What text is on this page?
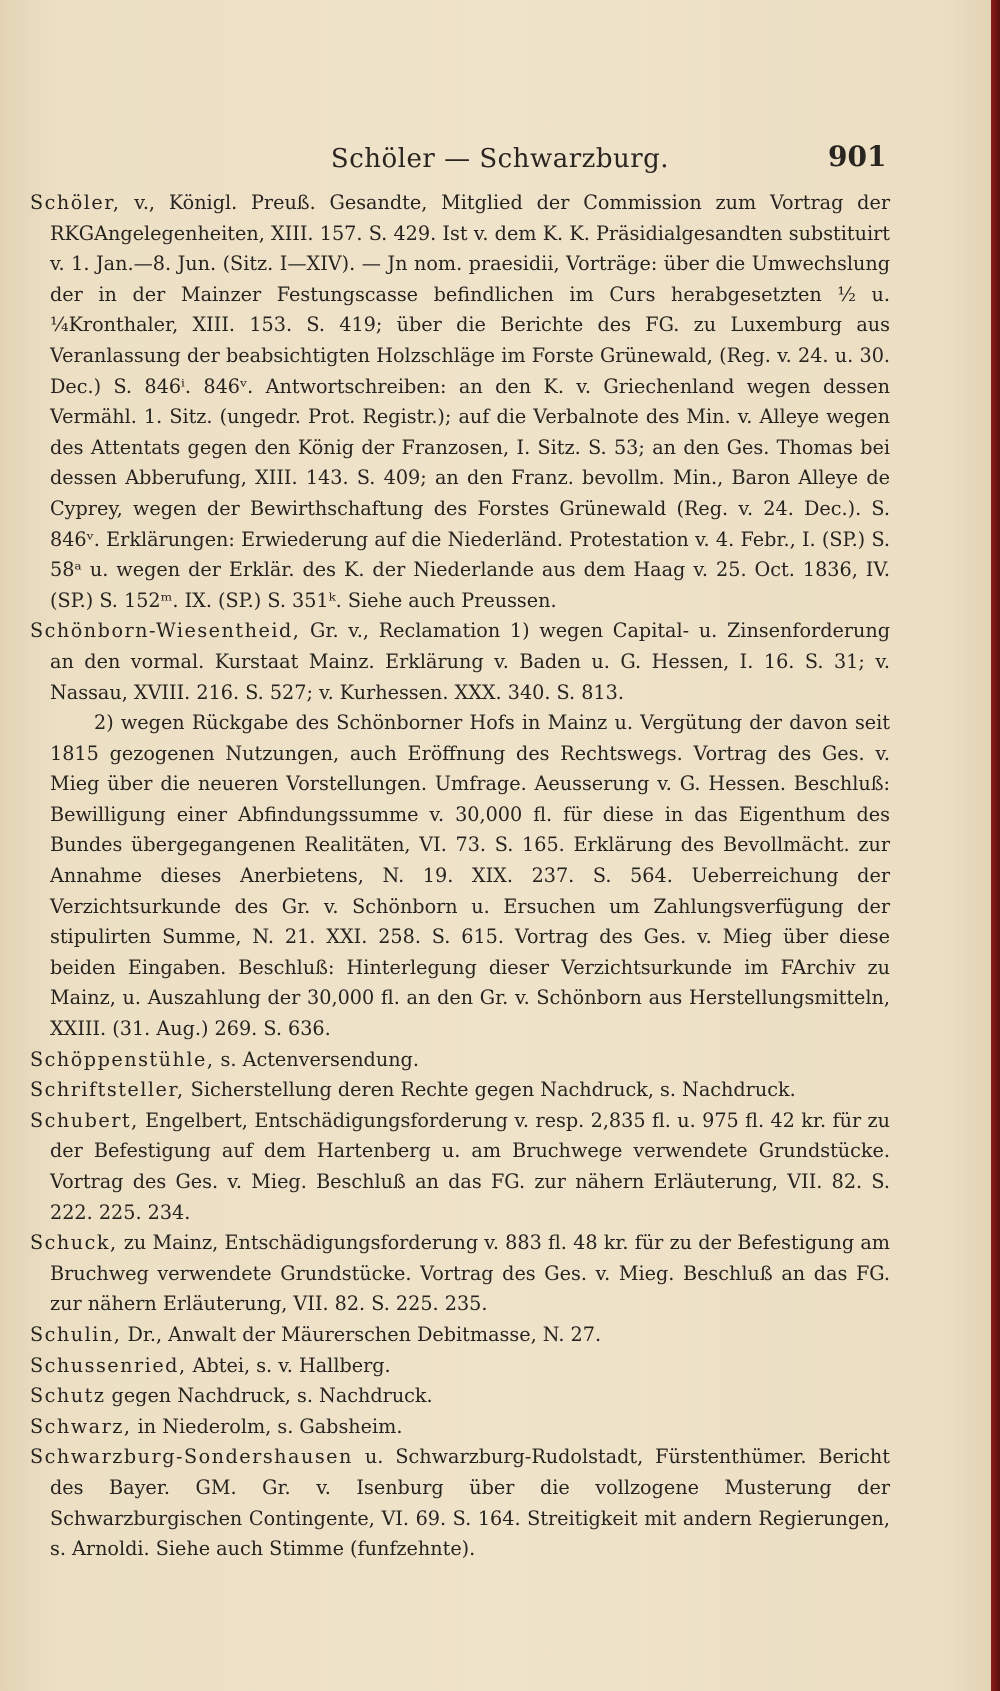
Schöler — Schwarzburg.	901

Schöler, v., Königl. Preuß. Gesandte, Mitglied der Commission zum Vortrag der RKGAngelegenheiten, XIII. 157. S. 429. Ist v. dem K. K. Präsidialgesandten substituirt v. 1. Jan.—8. Jun. (Sitz. I—XIV). — Jn nom. praesidii, Vorträge: über die Umwechslung der in der Mainzer Festungscasse befindlichen im Curs herabgesetzten ½ u. ¼Kronthaler, XIII. 153. S. 419; über die Berichte des FG. zu Luxemburg aus Veranlassung der beabsichtigten Holzschläge im Forste Grünewald, (Reg. v. 24. u. 30. Dec.) S. 846ⁱ. 846ᵛ. Antwortschreiben: an den K. v. Griechenland wegen dessen Vermähl. 1. Sitz. (ungedr. Prot. Registr.); auf die Verbalnote des Min. v. Alleye wegen des Attentats gegen den König der Franzosen, I. Sitz. S. 53; an den Ges. Thomas bei dessen Abberufung, XIII. 143. S. 409; an den Franz. bevollm. Min., Baron Alleye de Cyprey, wegen der Bewirthschaftung des Forstes Grünewald (Reg. v. 24. Dec.). S. 846ᵛ. Erklärungen: Erwiederung auf die Niederländ. Protestation v. 4. Febr., I. (SP.) S. 58ᵃ u. wegen der Erklär. des K. der Niederlande aus dem Haag v. 25. Oct. 1836, IV. (SP.) S. 152ᵐ. IX. (SP.) S. 351ᵏ. Siehe auch Preussen.

Schönborn-Wiesentheid, Gr. v., Reclamation 1) wegen Capital- u. Zinsenforderung an den vormal. Kurstaat Mainz. Erklärung v. Baden u. G. Hessen, I. 16. S. 31; v. Nassau, XVIII. 216. S. 527; v. Kurhessen. XXX. 340. S. 813.

2) wegen Rückgabe des Schönborner Hofs in Mainz u. Vergütung der davon seit 1815 gezogenen Nutzungen, auch Eröffnung des Rechtswegs. Vortrag des Ges. v. Mieg über die neueren Vorstellungen. Umfrage. Aeusserung v. G. Hessen. Beschluß: Bewilligung einer Abfindungssumme v. 30,000 fl. für diese in das Eigenthum des Bundes übergegangenen Realitäten, VI. 73. S. 165. Erklärung des Bevollmächt. zur Annahme dieses Anerbietens, N. 19. XIX. 237. S. 564. Ueberreichung der Verzichtsurkunde des Gr. v. Schönborn u. Ersuchen um Zahlungsverfügung der stipulirten Summe, N. 21. XXI. 258. S. 615. Vortrag des Ges. v. Mieg über diese beiden Eingaben. Beschluß: Hinterlegung dieser Verzichtsurkunde im FArchiv zu Mainz, u. Auszahlung der 30,000 fl. an den Gr. v. Schönborn aus Herstellungsmitteln, XXIII. (31. Aug.) 269. S. 636.

Schöppenstühle, s. Actenversendung.

Schriftsteller, Sicherstellung deren Rechte gegen Nachdruck, s. Nachdruck.

Schubert, Engelbert, Entschädigungsforderung v. resp. 2,835 fl. u. 975 fl. 42 kr. für zu der Befestigung auf dem Hartenberg u. am Bruchwege verwendete Grundstücke. Vortrag des Ges. v. Mieg. Beschluß an das FG. zur nähern Erläuterung, VII. 82. S. 222. 225. 234.

Schuck, zu Mainz, Entschädigungsforderung v. 883 fl. 48 kr. für zu der Befestigung am Bruchweg verwendete Grundstücke. Vortrag des Ges. v. Mieg. Beschluß an das FG. zur nähern Erläuterung, VII. 82. S. 225. 235.

Schulin, Dr., Anwalt der Mäurerschen Debitmasse, N. 27.

Schussenried, Abtei, s. v. Hallberg.

Schutz gegen Nachdruck, s. Nachdruck.

Schwarz, in Niederolm, s. Gabsheim.

Schwarzburg-Sondershausen u. Schwarzburg-Rudolstadt, Fürstenthümer. Bericht des Bayer. GM. Gr. v. Isenburg über die vollzogene Musterung der Schwarzburgischen Contingente, VI. 69. S. 164. Streitigkeit mit andern Regierungen, s. Arnoldi. Siehe auch Stimme (funfzehnte).
